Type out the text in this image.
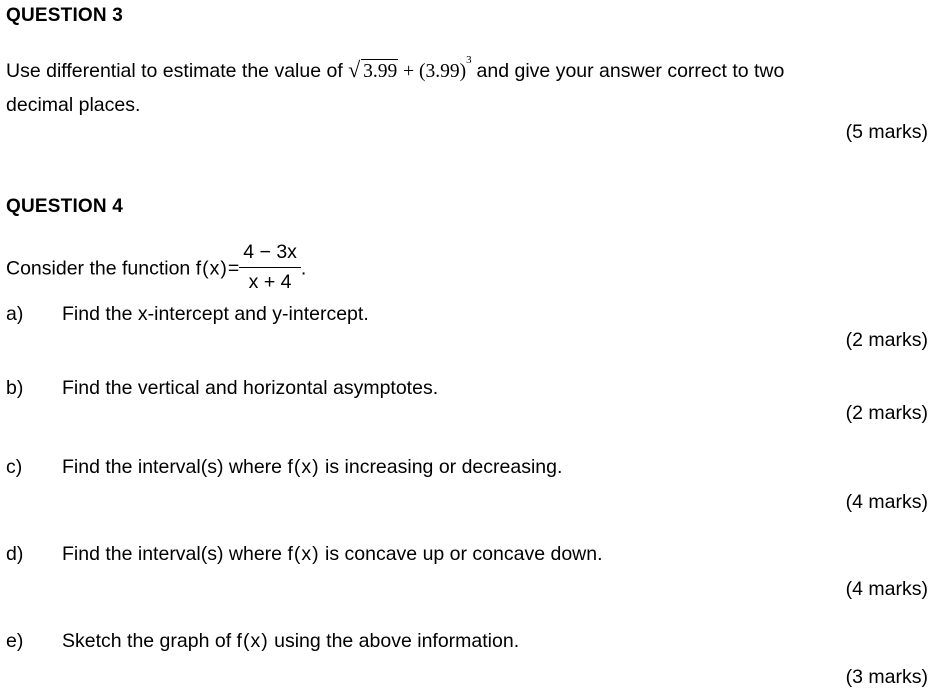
QUESTION 3
Use differential to estimate the value of √ $3.99 + (3.99)^3$ and give your answer correct to two
decimal places.
(5 marks)
QUESTION 4
Consider the function $f(x)= \frac{4 - 3x}{x + 4}$ .
a) Find the x-intercept and y-intercept.
(2 marks)
b) Find the vertical and horizontal asymptotes.
(2 marks)
c) Find the interval(s) where f(x) is increasing or decreasing.
(4 marks)
d) Find the interval(s) where f(x) is concave up or concave down.
(4 marks)
e) Sketch the graph of f(x) using the above information.
(3 marks)
